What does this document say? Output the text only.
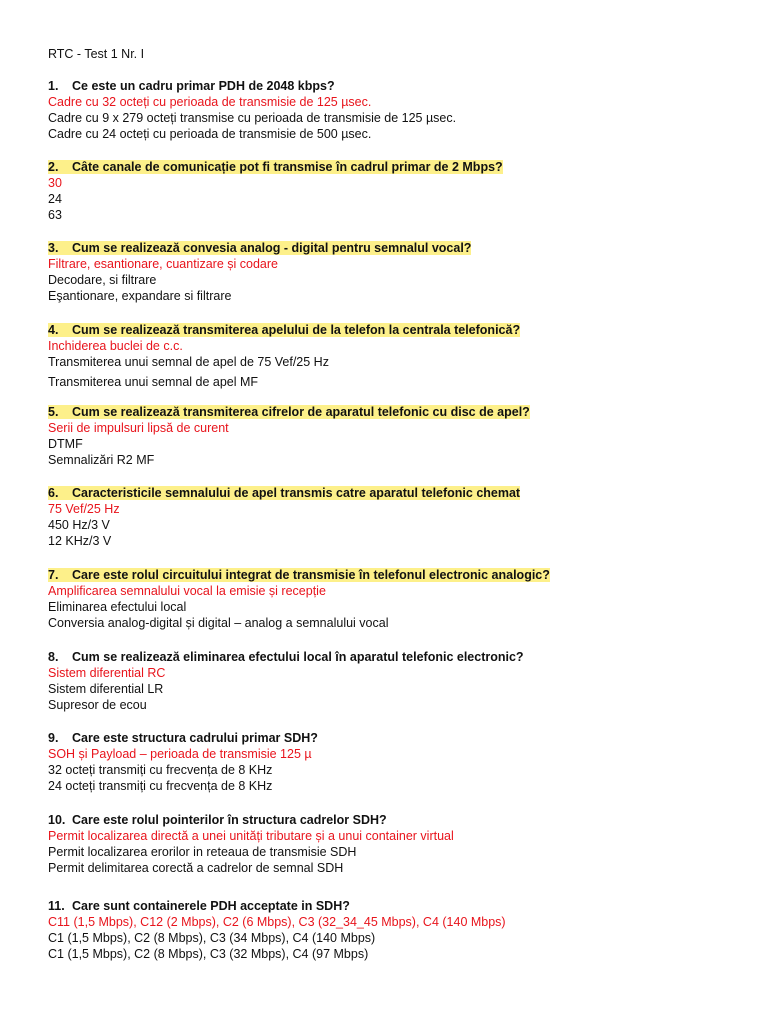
RTC - Test 1 Nr. I
1. Ce este un cadru primar PDH de 2048 kbps?
Cadre cu 32 octeți cu perioada de transmisie de 125 µsec.
Cadre cu 9 x 279 octeți transmise cu perioada de transmisie de 125 µsec.
Cadre cu 24 octeți cu perioada de transmisie de 500 µsec.
2. Câte canale de comunicație pot fi transmise în cadrul primar de 2 Mbps?
30
24
63
3. Cum se realizează convesia analog - digital pentru semnalul vocal?
Filtrare, esantionare, cuantizare și codare
Decodare, si filtrare
Eşantionare, expandare si filtrare
4. Cum se realizează transmiterea apelului de la telefon la centrala telefonică?
Inchiderea buclei de c.c.
Transmiterea unui semnal de apel de 75 Vef/25 Hz
Transmiterea unui semnal de apel MF
5. Cum se realizează transmiterea cifrelor de aparatul telefonic cu disc de apel?
Serii de impulsuri lipsă de curent
DTMF
Semnalizări R2 MF
6. Caracteristicile semnalului de apel transmis catre aparatul telefonic chemat
75 Vef/25 Hz
450 Hz/3 V
12 KHz/3 V
7. Care este rolul circuitului integrat de transmisie în telefonul electronic analogic?
Amplificarea semnalului vocal la emisie și recepție
Eliminarea efectului local
Conversia analog-digital și digital – analog a semnalului vocal
8. Cum se realizează eliminarea efectului local în aparatul telefonic electronic?
Sistem diferential RC
Sistem diferential LR
Supresor de ecou
9. Care este structura cadrului primar SDH?
SOH și Payload – perioada de transmisie 125 µ
32 octeți transmiți cu frecvența de 8 KHz
24 octeți transmiți cu frecvența de 8 KHz
10. Care este rolul pointerilor în structura cadrelor SDH?
Permit localizarea directă a unei unități tributare și a unui container virtual
Permit localizarea erorilor in reteaua de transmisie SDH
Permit delimitarea corectă a cadrelor de semnal SDH
11. Care sunt containerele PDH acceptate in SDH?
C11 (1,5 Mbps), C12 (2 Mbps), C2 (6 Mbps), C3 (32_34_45 Mbps), C4 (140 Mbps)
C1 (1,5 Mbps), C2 (8 Mbps), C3 (34 Mbps), C4 (140 Mbps)
C1 (1,5 Mbps), C2 (8 Mbps), C3 (32 Mbps), C4 (97 Mbps)
